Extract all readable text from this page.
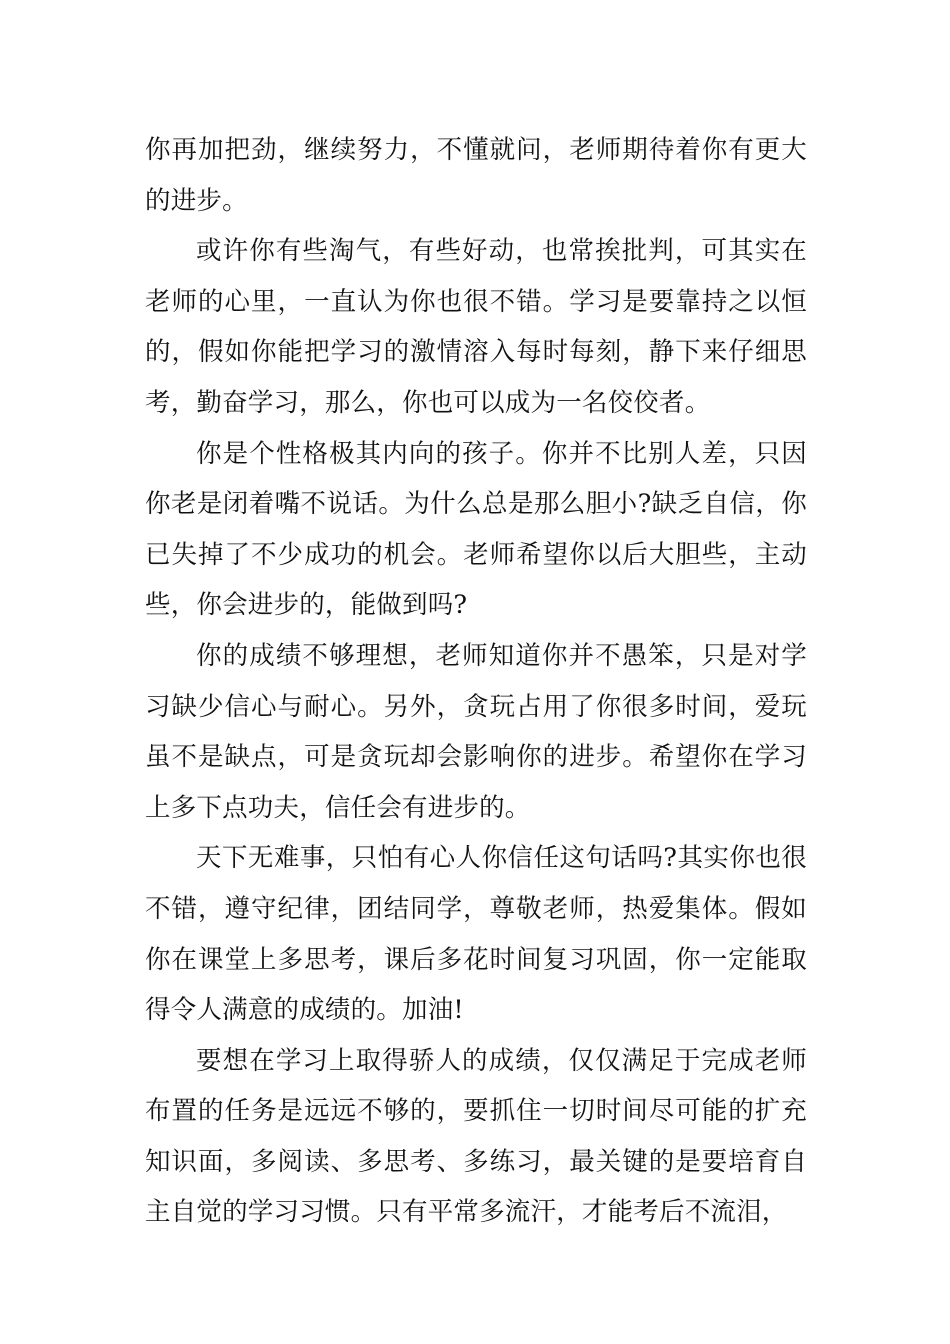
你再加把劲，继续努力，不懂就问，老师期待着你有更大的进步。

或许你有些淘气，有些好动，也常挨批判，可其实在老师的心里，一直认为你也很不错。学习是要靠持之以恒的，假如你能把学习的激情溶入每时每刻，静下来仔细思考，勤奋学习，那么，你也可以成为一名佼佼者。

你是个性格极其内向的孩子。你并不比别人差，只因你老是闭着嘴不说话。为什么总是那么胆小?缺乏自信，你已失掉了不少成功的机会。老师希望你以后大胆些，主动些，你会进步的，能做到吗?

你的成绩不够理想，老师知道你并不愚笨，只是对学习缺少信心与耐心。另外，贪玩占用了你很多时间，爱玩虽不是缺点，可是贪玩却会影响你的进步。希望你在学习上多下点功夫，信任会有进步的。

天下无难事，只怕有心人你信任这句话吗?其实你也很不错，遵守纪律，团结同学，尊敬老师，热爱集体。假如你在课堂上多思考，课后多花时间复习巩固，你一定能取得令人满意的成绩的。加油!

要想在学习上取得骄人的成绩，仅仅满足于完成老师布置的任务是远远不够的，要抓住一切时间尽可能的扩充知识面，多阅读、多思考、多练习，最关键的是要培育自主自觉的学习习惯。只有平常多流汗，才能考后不流泪，
